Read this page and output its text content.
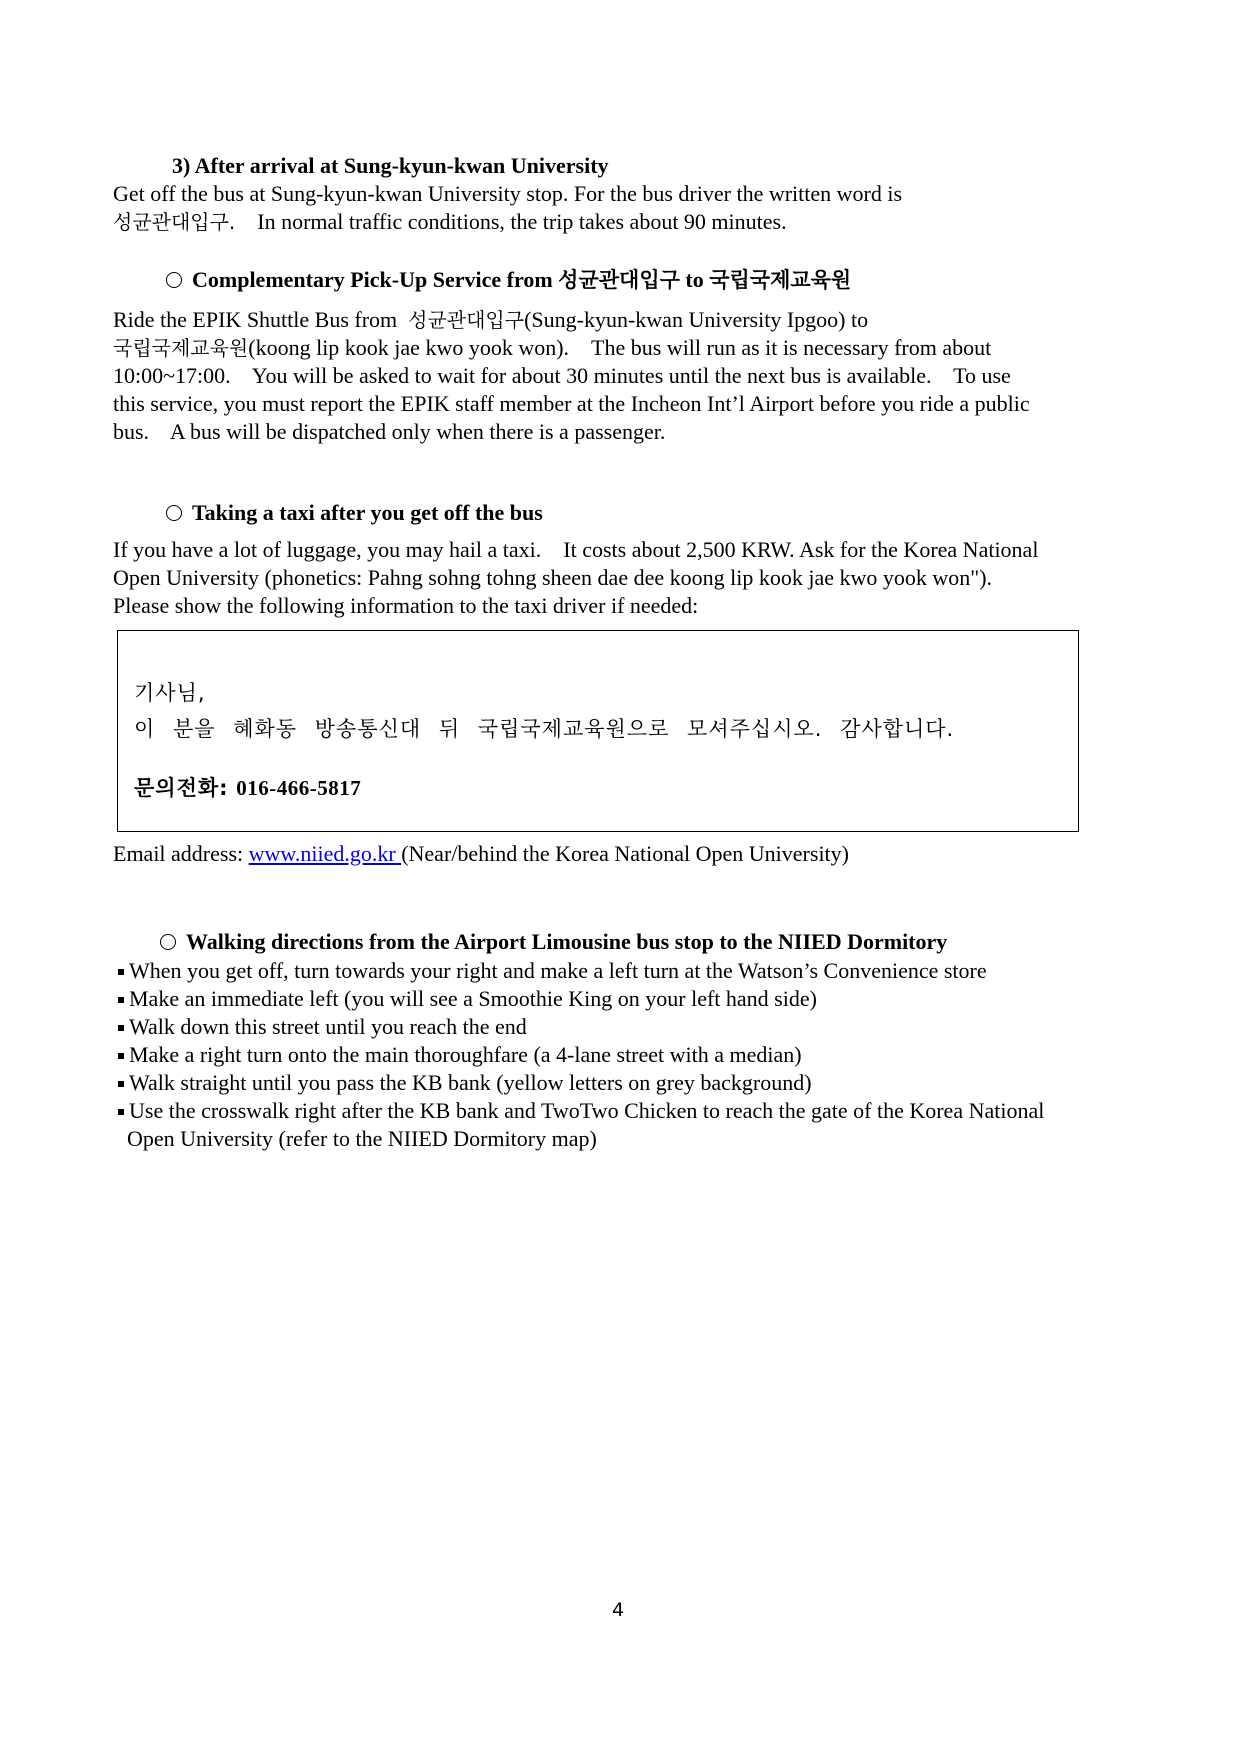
3) After arrival at Sung-kyun-kwan University
Get off the bus at Sung-kyun-kwan University stop. For the bus driver the written word is
성균관대입구.    In normal traffic conditions, the trip takes about 90 minutes.
Complementary Pick-Up Service from 성균관대입구 to 국립국제교육원
Ride the EPIK Shuttle Bus from  성균관대입구(Sung-kyun-kwan University Ipgoo) to
국립국제교육원(koong lip kook jae kwo yook won).    The bus will run as it is necessary from about
10:00~17:00.    You will be asked to wait for about 30 minutes until the next bus is available.    To use
this service, you must report the EPIK staff member at the Incheon Int’l Airport before you ride a public
bus.    A bus will be dispatched only when there is a passenger.
Taking a taxi after you get off the bus
If you have a lot of luggage, you may hail a taxi.    It costs about 2,500 KRW. Ask for the Korea National
Open University (phonetics: Pahng sohng tohng sheen dae dee koong lip kook jae kwo yook won").
Please show the following information to the taxi driver if needed:
기사님,
이 분을 혜화동 방송통신대 뒤 국립국제교육원으로 모셔주십시오. 감사합니다.
문의전화: 016-466-5817
Email address: www.niied.go.kr (Near/behind the Korea National Open University)
Walking directions from the Airport Limousine bus stop to the NIIED Dormitory
When you get off, turn towards your right and make a left turn at the Watson’s Convenience store
Make an immediate left (you will see a Smoothie King on your left hand side)
Walk down this street until you reach the end
Make a right turn onto the main thoroughfare (a 4-lane street with a median)
Walk straight until you pass the KB bank (yellow letters on grey background)
Use the crosswalk right after the KB bank and TwoTwo Chicken to reach the gate of the Korea National
Open University (refer to the NIIED Dormitory map)
4
